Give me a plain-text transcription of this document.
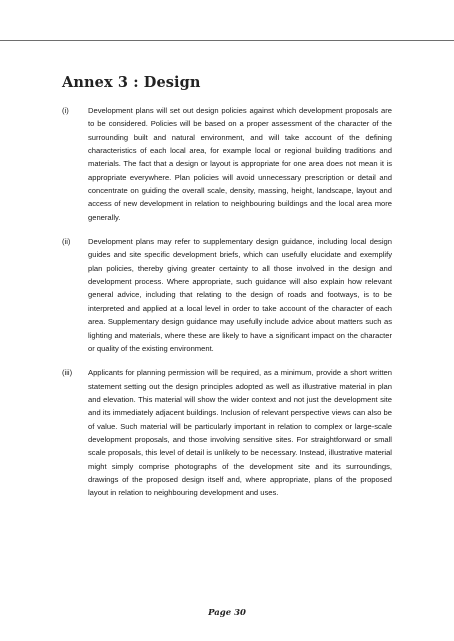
Annex 3 : Design
(i)	Development plans will set out design policies against which development proposals are to be considered. Policies will be based on a proper assessment of the character of the surrounding built and natural environment, and will take account of the defining characteristics of each local area, for example local or regional building traditions and materials. The fact that a design or layout is appropriate for one area does not mean it is appropriate everywhere. Plan policies will avoid unnecessary prescription or detail and concentrate on guiding the overall scale, density, massing, height, landscape, layout and access of new development in relation to neighbouring buildings and the local area more generally.
(ii)	Development plans may refer to supplementary design guidance, including local design guides and site specific development briefs, which can usefully elucidate and exemplify plan policies, thereby giving greater certainty to all those involved in the design and development process. Where appropriate, such guidance will also explain how relevant general advice, including that relating to the design of roads and footways, is to be interpreted and applied at a local level in order to take account of the character of each area. Supplementary design guidance may usefully include advice about matters such as lighting and materials, where these are likely to have a significant impact on the character or quality of the existing environment.
(iii)	Applicants for planning permission will be required, as a minimum, provide a short written statement setting out the design principles adopted as well as illustrative material in plan and elevation. This material will show the wider context and not just the development site and its immediately adjacent buildings. Inclusion of relevant perspective views can also be of value. Such material will be particularly important in relation to complex or large-scale development proposals, and those involving sensitive sites. For straightforward or small scale proposals, this level of detail is unlikely to be necessary. Instead, illustrative material might simply comprise photographs of the development site and its surroundings, drawings of the proposed design itself and, where appropriate, plans of the proposed layout in relation to neighbouring development and uses.
Page 30
